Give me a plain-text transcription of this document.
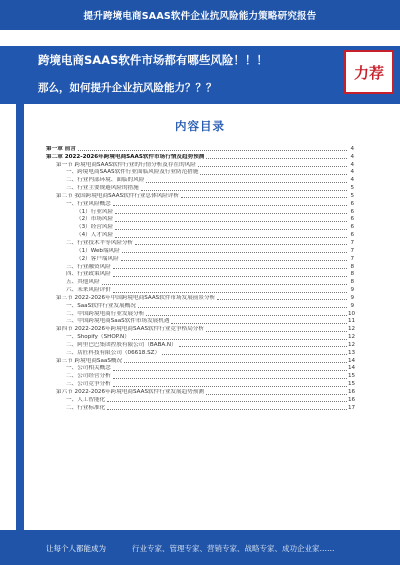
提升跨境电商SAAS软件企业抗风险能力策略研究报告
跨境电商SAAS软件市场都有哪些风险！！！
那么，如何提升企业抗风险能力？？？
力荐
内容目录
第一章 前言	4
第二章 2022-2026年跨境电商SAAS软件市场行情及趋势预测	4
第一节 跨境电商SAAS软件行业的行情分析及存在的风险	4
一、跨境电商SAAS软件行业面临风险及行业防范措施	4
二、行业内部环境、面临的风险	4
三、行业主要规避风险的措施	5
第二节 我国跨境电商SAAS软件行业总体风险评析	5
一、行业风险概念	6
（1）行业风险	6
（2）市场风险	6
（3）经营风险	6
（4）人才风险	6
二、行业技术平等风险分析	7
（1）Web端风险	7
（2）客户端风险	7
三、行业融资风险	8
四、行业政策风险	8
五、其他风险	8
六、未来风险评价	9
第三节 2022-2026年中国跨境电商SAAS软件市场发展前景分析	9
一、SaaS软件行业发展概况	9
二、中国跨境电商行业发展分析	10
三、中国跨境电商SaaS软件市场发展机遇	11
第四节 2022-2026年跨境电商SAAS软件行业竞争格局分析	12
一、Shopify（SHOP.N）	12
二、阿里巴巴集团控股有限公司（BABA.N）	12
三、店匠科技有限公司（06618.SZ）	13
第三节 跨境电商SaaS概况	14
一、公司相关概念	14
二、公司经营分析	15
三、公司竞争分析	15
第六节 2022-2026年跨境电商SAAS软件行业发展趋势预测	16
一、人工智能化	16
二、行业标准化	17
让每个人都能成为	行业专家、管理专家、营销专家、战略专家、成功企业家……
